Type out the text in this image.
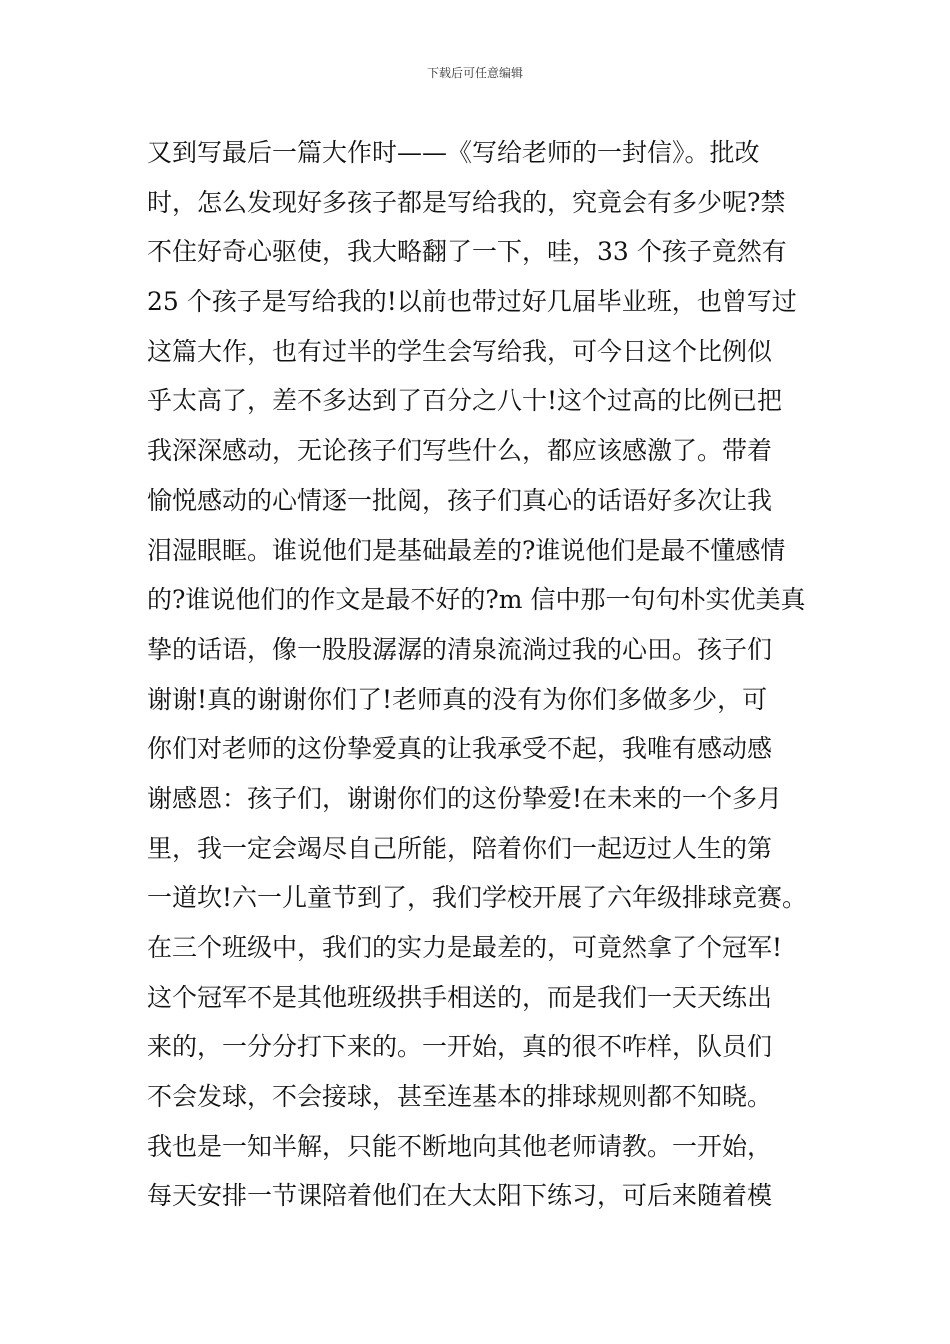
下载后可任意编辑
又到写最后一篇大作时——《写给老师的一封信》。批改
时，怎么发现好多孩子都是写给我的，究竟会有多少呢?禁
不住好奇心驱使，我大略翻了一下，哇，33 个孩子竟然有
25 个孩子是写给我的!以前也带过好几届毕业班，也曾写过
这篇大作，也有过半的学生会写给我，可今日这个比例似
乎太高了，差不多达到了百分之八十!这个过高的比例已把
我深深感动，无论孩子们写些什么，都应该感激了。带着
愉悦感动的心情逐一批阅，孩子们真心的话语好多次让我
泪湿眼眶。谁说他们是基础最差的?谁说他们是最不懂感情
的?谁说他们的作文是最不好的?m 信中那一句句朴实优美真
挚的话语，像一股股潺潺的清泉流淌过我的心田。孩子们
谢谢!真的谢谢你们了!老师真的没有为你们多做多少，可
你们对老师的这份挚爱真的让我承受不起，我唯有感动感
谢感恩：孩子们，谢谢你们的这份挚爱!在未来的一个多月
里，我一定会竭尽自己所能，陪着你们一起迈过人生的第
一道坎!六一儿童节到了，我们学校开展了六年级排球竞赛。
在三个班级中，我们的实力是最差的，可竟然拿了个冠军!
这个冠军不是其他班级拱手相送的，而是我们一天天练出
来的，一分分打下来的。一开始，真的很不咋样，队员们
不会发球，不会接球，甚至连基本的排球规则都不知晓。
我也是一知半解，只能不断地向其他老师请教。一开始，
每天安排一节课陪着他们在大太阳下练习，可后来随着模
